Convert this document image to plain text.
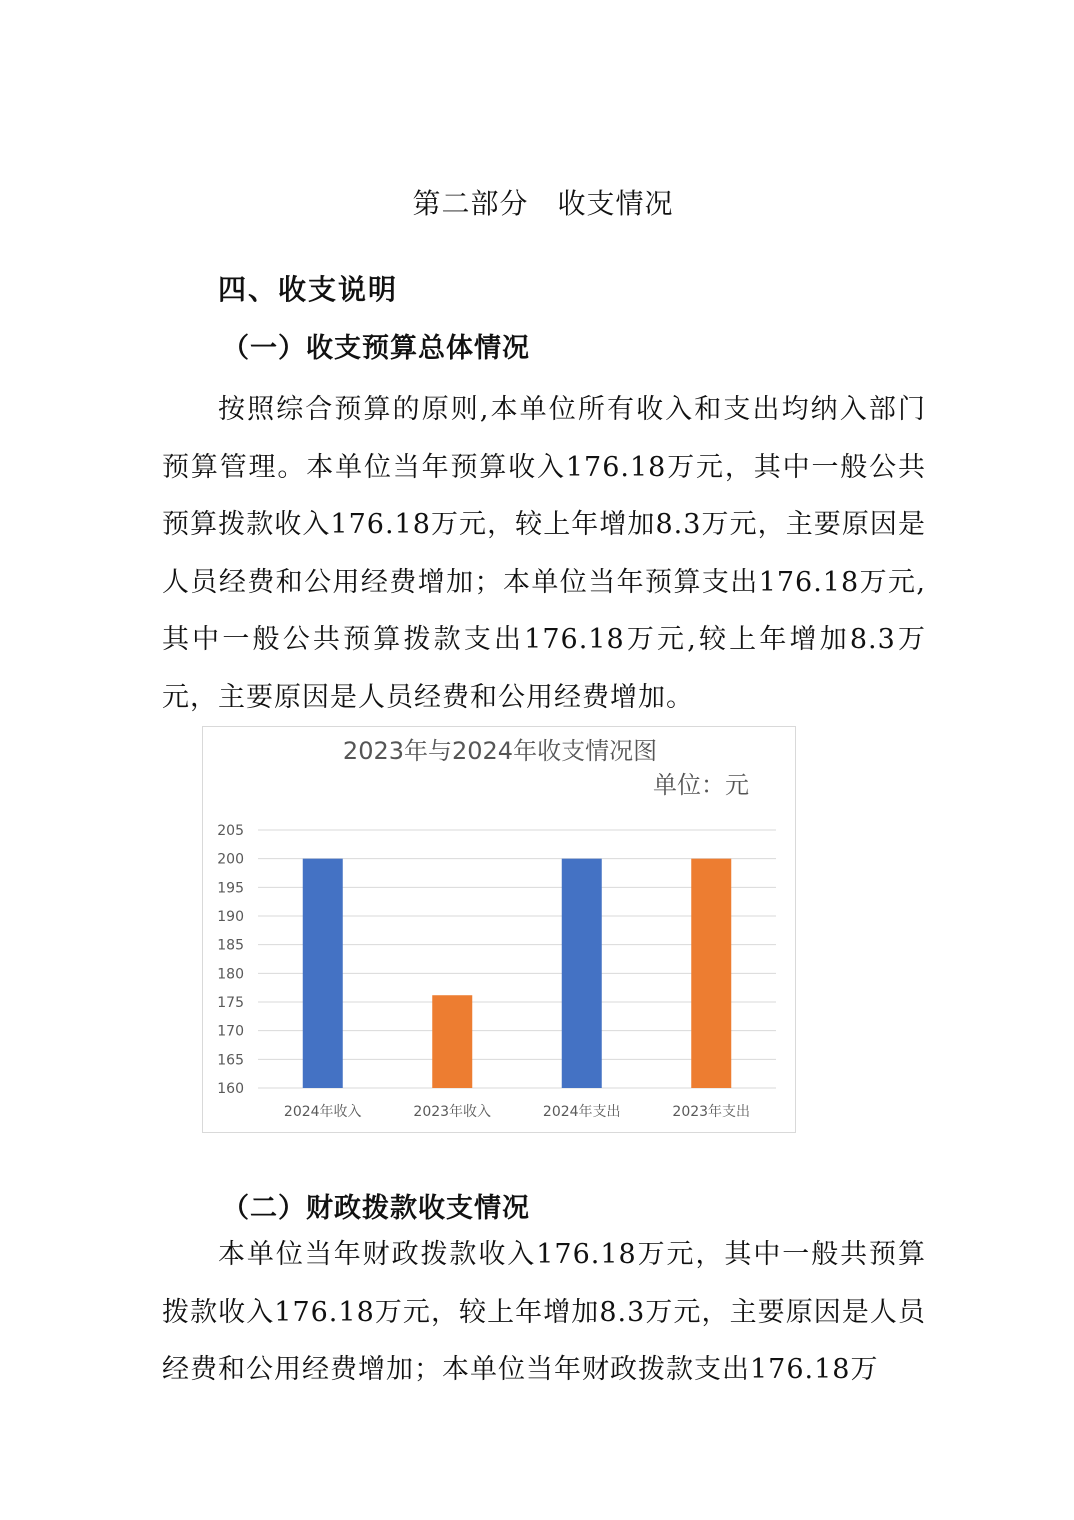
第二部分　收支情况
四、收支说明
（一）收支预算总体情况
按照综合预算的原则,本单位所有收入和支出均纳入部门预算管理。本单位当年预算收入176.18万元，其中一般公共预算拨款收入176.18万元，较上年增加8.3万元，主要原因是人员经费和公用经费增加；本单位当年预算支出176.18万元,其中一般公共预算拨款支出176.18万元,较上年增加8.3万元，主要原因是人员经费和公用经费增加。
2023年与2024年收支情况图
单位：元
160
165
170
175
180
185
190
195
200
205
2024年收入	2023年收入	2024年支出	2023年支出
（二）财政拨款收支情况
本单位当年财政拨款收入176.18万元，其中一般共预算拨款收入176.18万元，较上年增加8.3万元，主要原因是人员经费和公用经费增加；本单位当年财政拨款支出176.18万
